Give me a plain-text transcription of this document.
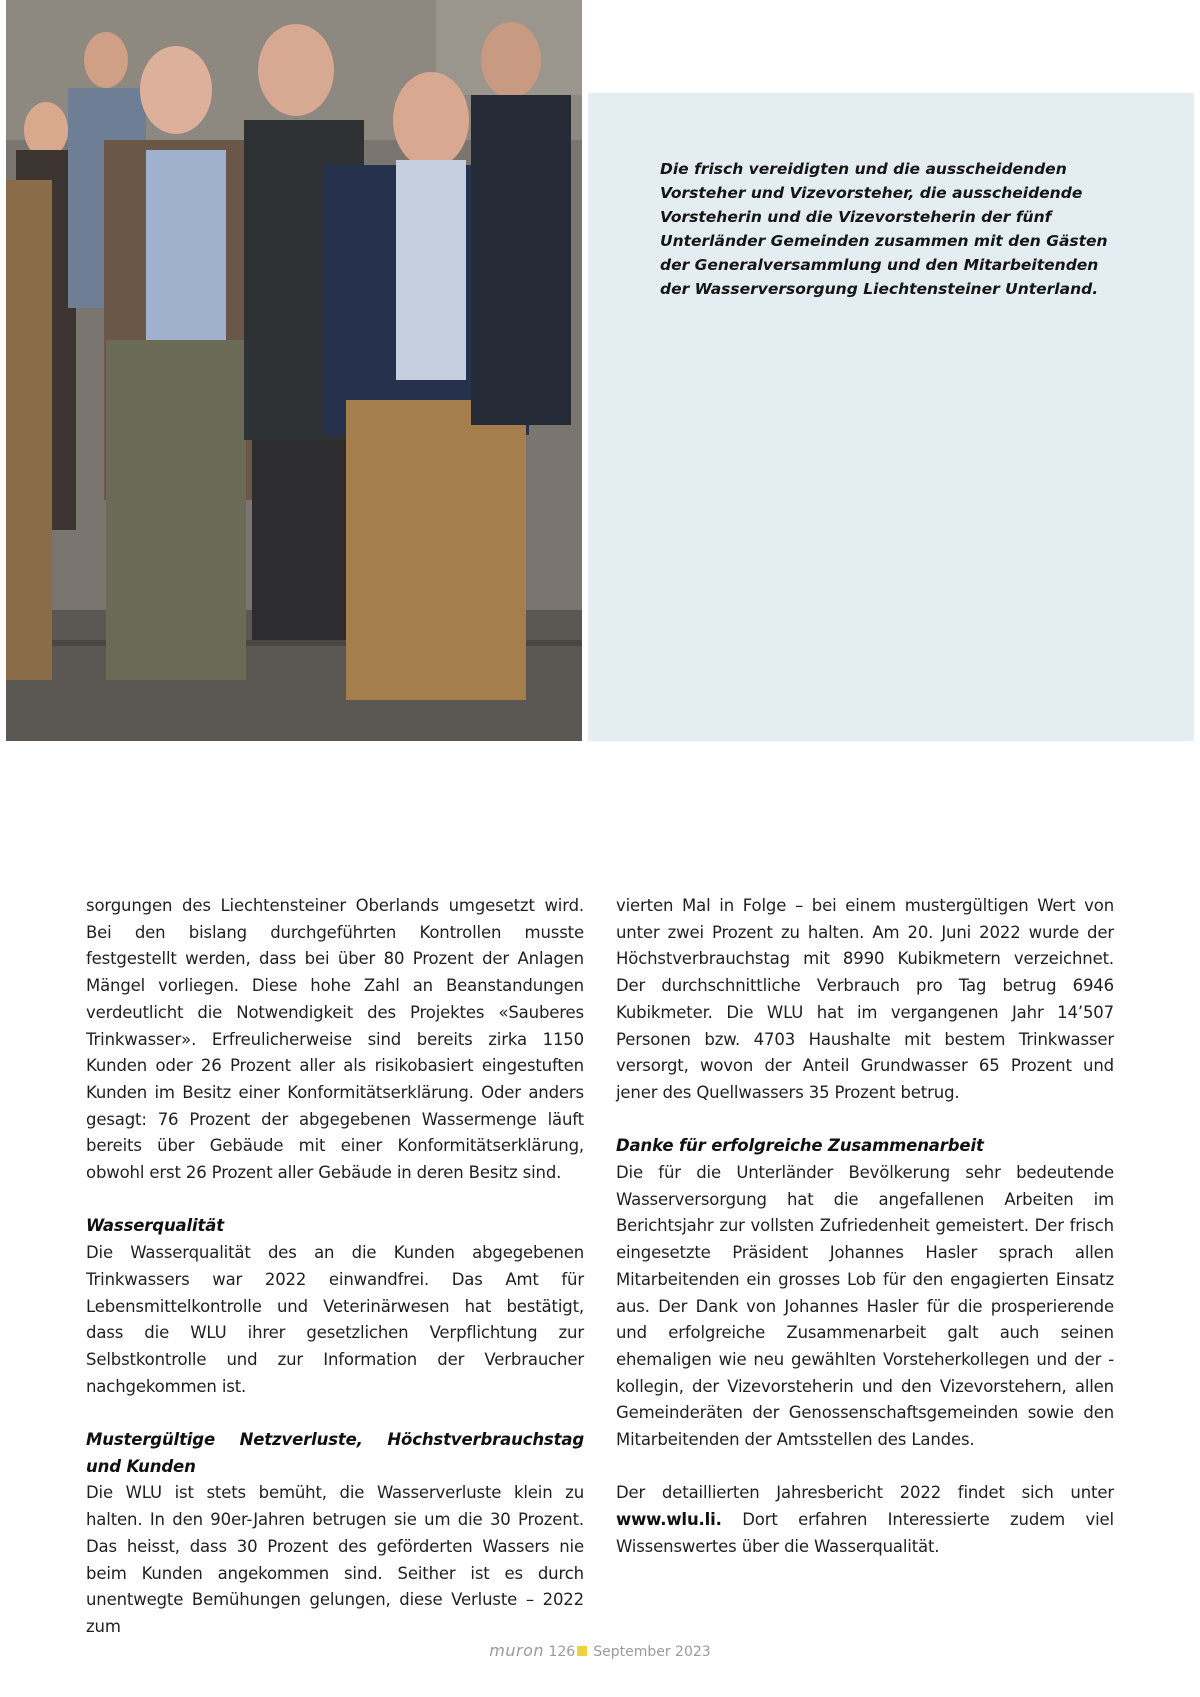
Die frisch vereidigten und die ausscheidenden Vorsteher und Vizevorsteher, die ausscheidende Vorsteherin und die Vizevorsteherin der fünf Unterländer Gemeinden zusammen mit den Gästen der Generalversammlung und den Mitarbeitenden der Wasserversorgung Liechtensteiner Unterland.

sorgungen des Liechtensteiner Oberlands umgesetzt wird. Bei den bislang durchgeführten Kontrollen musste festgestellt werden, dass bei über 80 Prozent der Anlagen Mängel vorliegen. Diese hohe Zahl an Beanstandungen verdeutlicht die Notwendigkeit des Projektes «Sauberes Trinkwasser». Erfreulicherweise sind bereits zirka 1150 Kunden oder 26 Prozent aller als risikobasiert eingestuften Kunden im Besitz einer Konformitätserklärung. Oder anders gesagt: 76 Prozent der abgegebenen Wassermenge läuft bereits über Gebäude mit einer Konformitätserklärung, obwohl erst 26 Prozent aller Gebäude in deren Besitz sind.

Wasserqualität

Die Wasserqualität des an die Kunden abgegebenen Trinkwassers war 2022 einwandfrei. Das Amt für Lebensmittelkontrolle und Veterinärwesen hat bestätigt, dass die WLU ihrer gesetzlichen Verpflichtung zur Selbstkontrolle und zur Information der Verbraucher nachgekommen ist.

Mustergültige Netzverluste, Höchstverbrauchstag und Kunden

Die WLU ist stets bemüht, die Wasserverluste klein zu halten. In den 90er-Jahren betrugen sie um die 30 Prozent. Das heisst, dass 30 Prozent des geförderten Wassers nie beim Kunden angekommen sind. Seither ist es durch unentwegte Bemühungen gelungen, diese Verluste – 2022 zum

vierten Mal in Folge – bei einem mustergültigen Wert von unter zwei Prozent zu halten. Am 20. Juni 2022 wurde der Höchstverbrauchstag mit 8990 Kubikmetern verzeichnet. Der durchschnittliche Verbrauch pro Tag betrug 6946 Kubikmeter. Die WLU hat im vergangenen Jahr 14’507 Personen bzw. 4703 Haushalte mit bestem Trinkwasser versorgt, wovon der Anteil Grundwasser 65 Prozent und jener des Quellwassers 35 Prozent betrug.

Danke für erfolgreiche Zusammenarbeit

Die für die Unterländer Bevölkerung sehr bedeutende Wasserversorgung hat die angefallenen Arbeiten im Berichtsjahr zur vollsten Zufriedenheit gemeistert. Der frisch eingesetzte Präsident Johannes Hasler sprach allen Mitarbeitenden ein grosses Lob für den engagierten Einsatz aus. Der Dank von Johannes Hasler für die prosperierende und erfolgreiche Zusammenarbeit galt auch seinen ehemaligen wie neu gewählten Vorsteherkollegen und der -kollegin, der Vizevorsteherin und den Vizevorstehern, allen Gemeinderäten der Genossenschaftsgemeinden sowie den Mitarbeitenden der Amtsstellen des Landes.

Der detaillierten Jahresbericht 2022 findet sich unter www.wlu.li. Dort erfahren Interessierte zudem viel Wissenswertes über die Wasserqualität.

muron 126 September 2023
